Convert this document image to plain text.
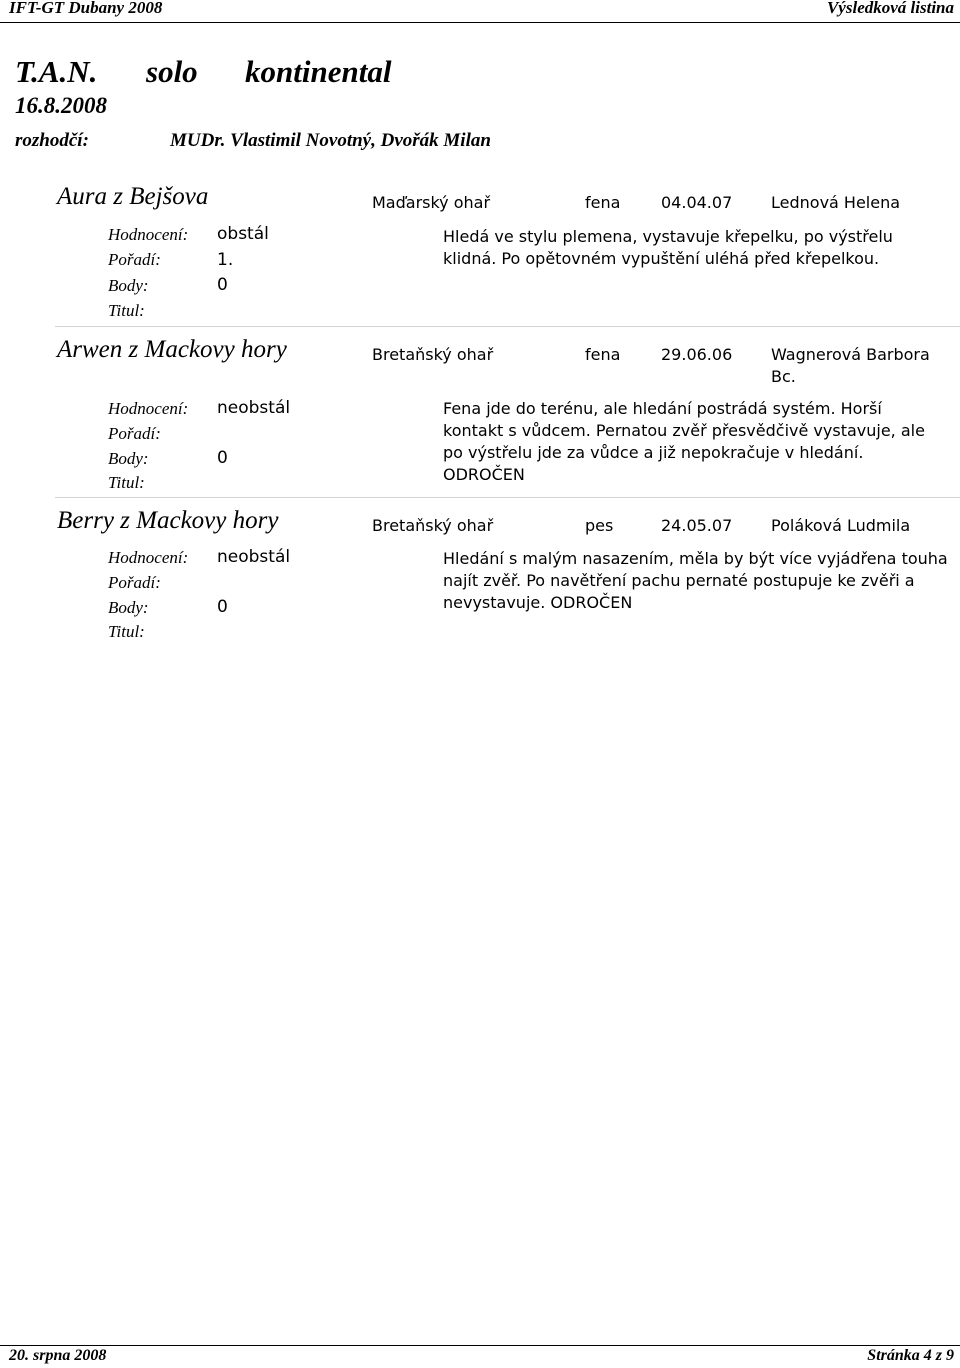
IFT-GT Dubany 2008	Výsledková listina
T.A.N. solo kontinental
16.8.2008
rozhodčí:	MUDr. Vlastimil Novotný, Dvořák Milan
Aura z Bejšova	Maďarský ohař	fena	04.04.07 Lednová Helena
Hodnocení: obstál
Pořadí:	1.
Body:	0
Titul:
Hledá ve stylu plemena, vystavuje křepelku, po výstřelu klidná. Po opětovném vypuštění uléhá před křepelkou.
Arwen z Mackovy hory	Bretaňský ohař	fena	29.06.06 Wagnerová Barbora Bc.
Hodnocení: neobstál
Pořadí:
Body:	0
Titul:
Fena jde do terénu, ale hledání postrádá systém. Horší kontakt s vůdcem. Pernatou zvěř přesvědčivě vystavuje, ale po výstřelu jde za vůdce a již nepokračuje v hledání. ODROČEN
Berry z Mackovy hory	Bretaňský ohař	pes	24.05.07 Poláková Ludmila
Hodnocení: neobstál
Pořadí:
Body:	0
Titul:
Hledání s malým nasazením, měla by být více vyjádřena touha najít zvěř. Po navětření pachu pernaté postupuje ke zvěři a nevystavuje. ODROČEN
20. srpna 2008	Stránka 4 z 9
